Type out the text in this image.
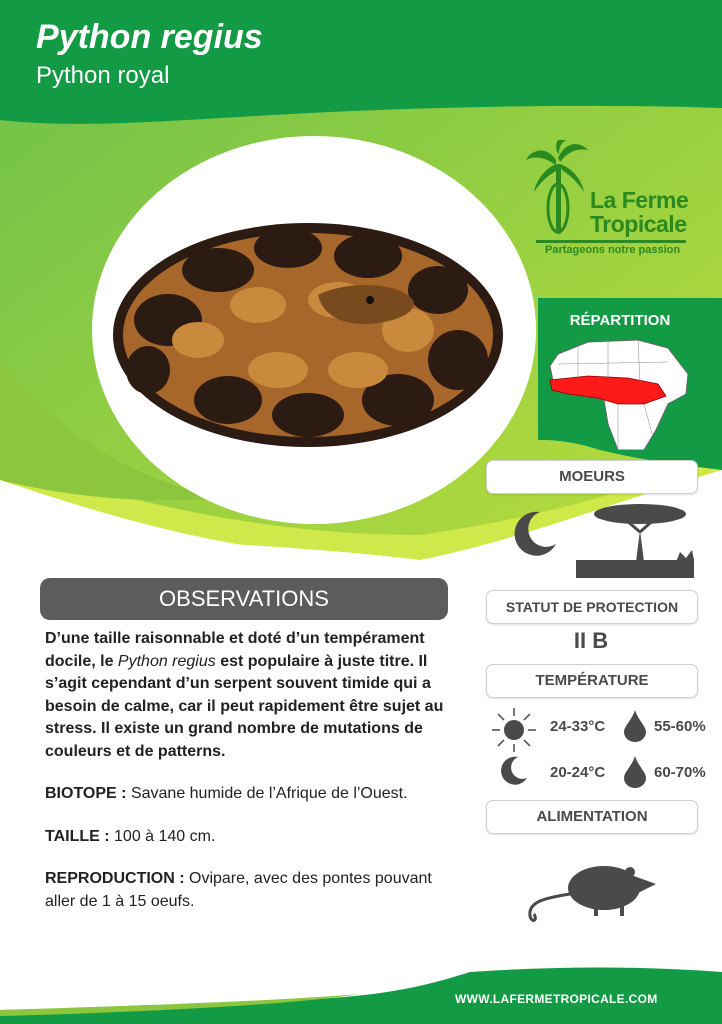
Python regius
Python royal
La Ferme
Tropicale
Partageons notre passion
RÉPARTITION
MOEURS
STATUT DE PROTECTION
II B
TEMPÉRATURE
24-33°C	55-60%
20-24°C	60-70%
ALIMENTATION
OBSERVATIONS

D’une taille raisonnable et doté d’un tempérament docile, le Python regius est populaire à juste titre. Il s’agit cependant d’un serpent souvent timide qui a besoin de calme, car il peut rapidement être sujet au stress. Il existe un grand nombre de mutations de couleurs et de patterns.

BIOTOPE : Savane humide de l’Afrique de l’Ouest.

TAILLE : 100 à 140 cm.

REPRODUCTION : Ovipare, avec des pontes pouvant aller de 1 à 15 oeufs.

WWW.LAFERMETROPICALE.COM
